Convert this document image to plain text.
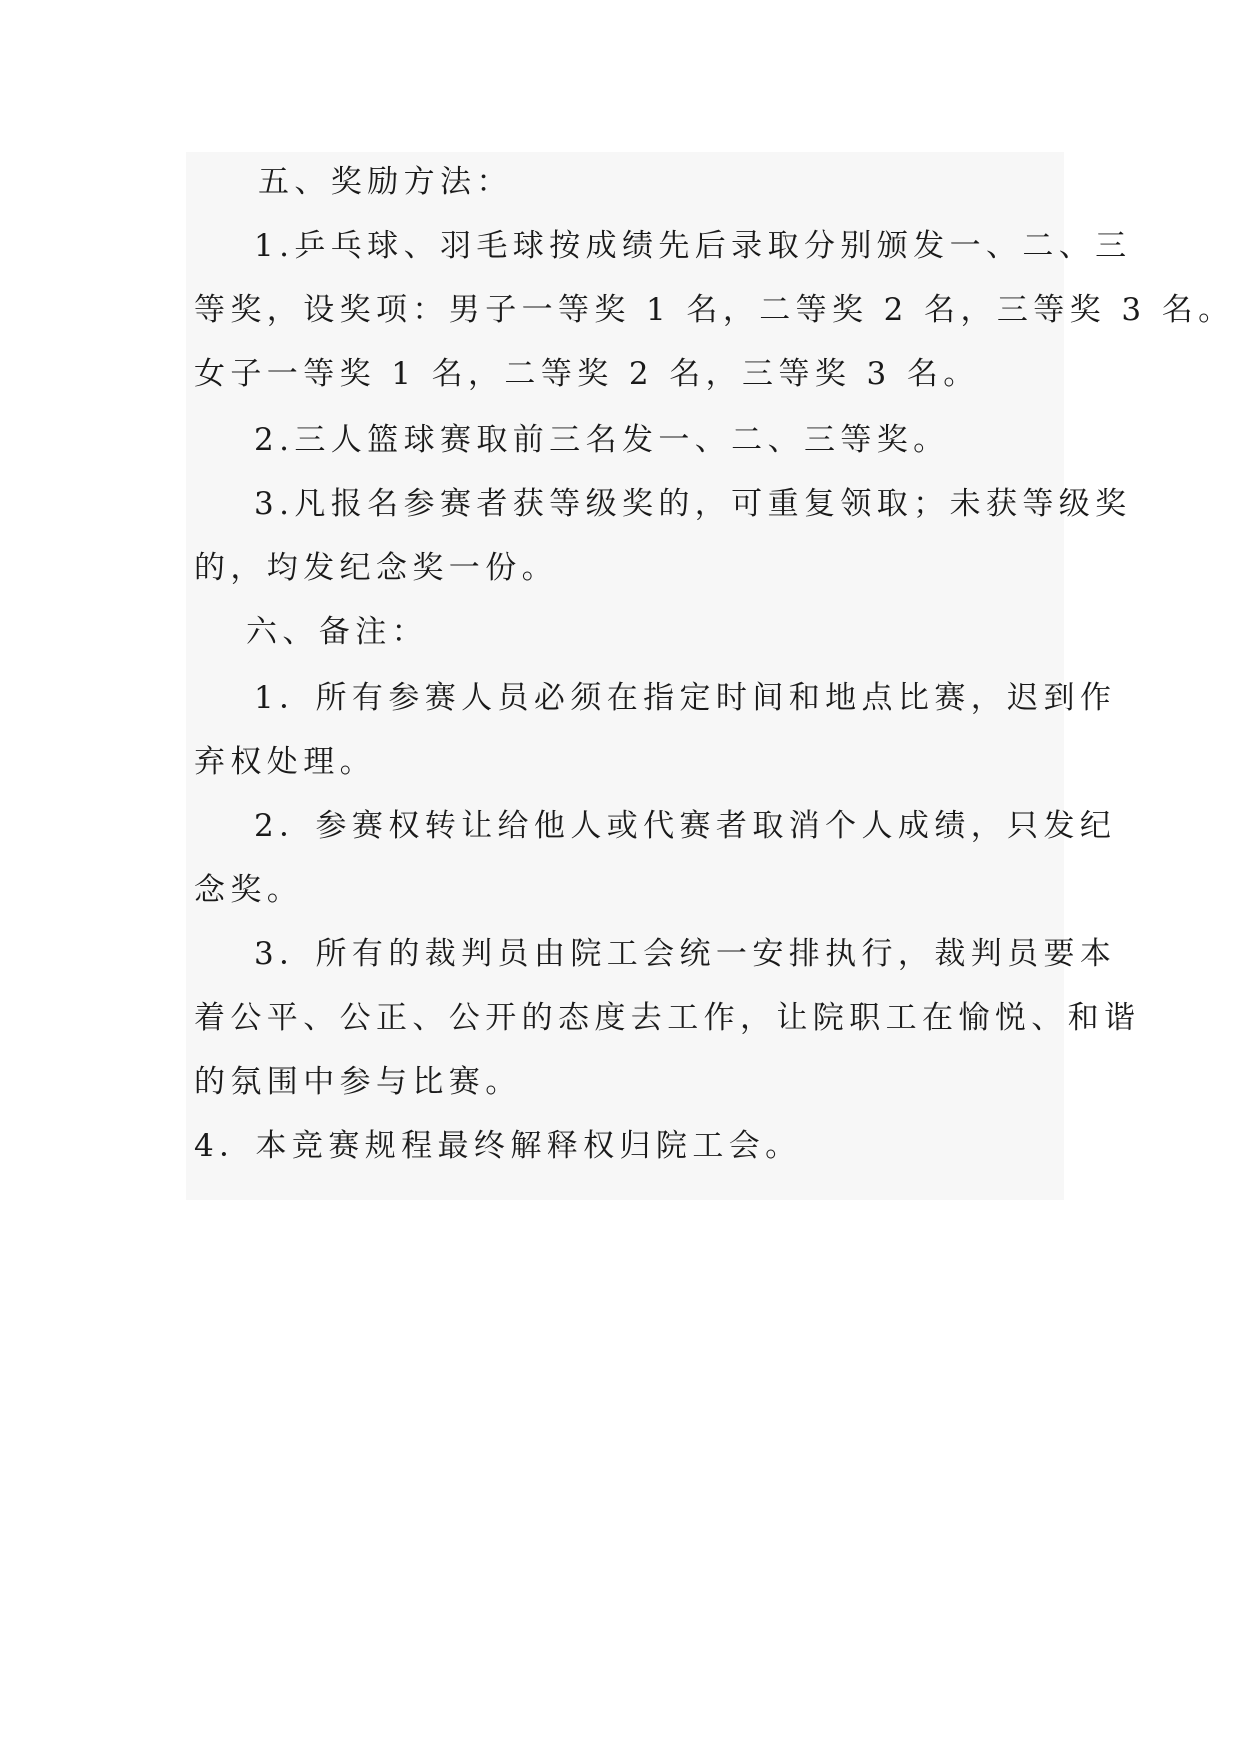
五、奖励方法：
1.乒乓球、羽毛球按成绩先后录取分别颁发一、二、三
等奖，设奖项：男子一等奖 1 名，二等奖 2 名，三等奖 3 名。
女子一等奖 1 名，二等奖 2 名，三等奖 3 名。
2.三人篮球赛取前三名发一、二、三等奖。
3.凡报名参赛者获等级奖的，可重复领取；未获等级奖
的，均发纪念奖一份。
六、备注：
1．所有参赛人员必须在指定时间和地点比赛，迟到作
弃权处理。
2．参赛权转让给他人或代赛者取消个人成绩，只发纪
念奖。
3．所有的裁判员由院工会统一安排执行，裁判员要本
着公平、公正、公开的态度去工作，让院职工在愉悦、和谐
的氛围中参与比赛。
4．本竞赛规程最终解释权归院工会。
